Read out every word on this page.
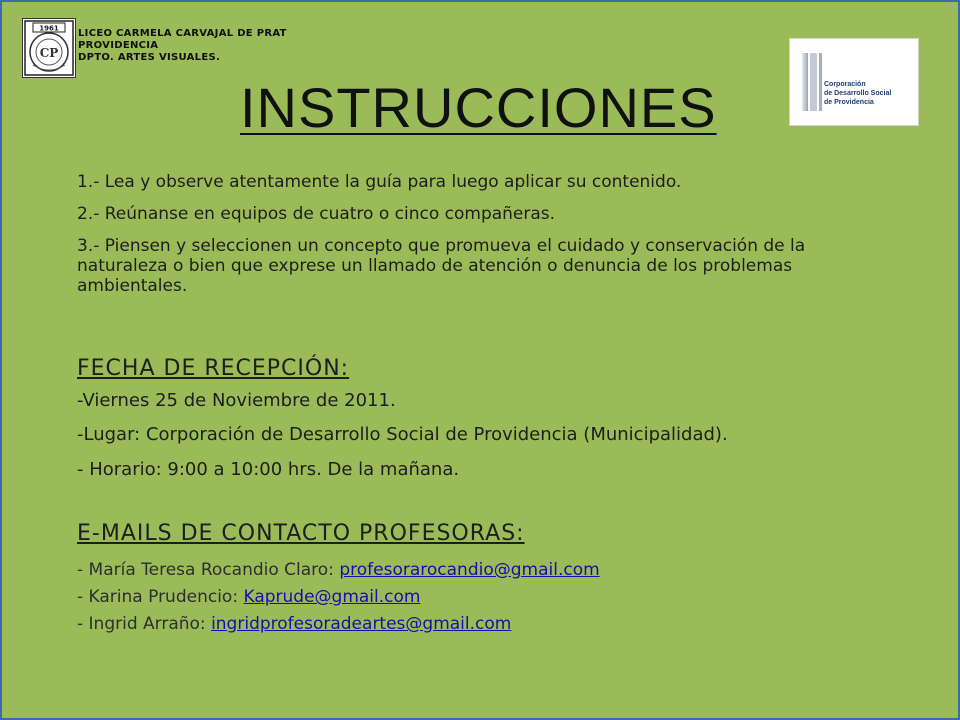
1961
CP
LICEO CARMELA CARVAJAL DE PRAT
PROVIDENCIA
DPTO. ARTES VISUALES.
Corporación
de Desarrollo Social
de Providencia
INSTRUCCIONES
1.- Lea y observe atentamente la guía para luego aplicar su contenido.
2.- Reúnanse en equipos de cuatro o cinco compañeras.
3.- Piensen y seleccionen un concepto que promueva el cuidado y conservación de la naturaleza o bien que exprese un llamado de atención o denuncia de los problemas ambientales.
FECHA DE RECEPCIÓN:
-Viernes 25 de Noviembre de 2011.
-Lugar: Corporación de Desarrollo Social de Providencia (Municipalidad).
- Horario: 9:00 a 10:00 hrs. De la mañana.
E-MAILS DE CONTACTO PROFESORAS:
- María Teresa Rocandio Claro: profesorarocandio@gmail.com
- Karina Prudencio: Kaprude@gmail.com
- Ingrid Arraño: ingridprofesoradeartes@gmail.com
